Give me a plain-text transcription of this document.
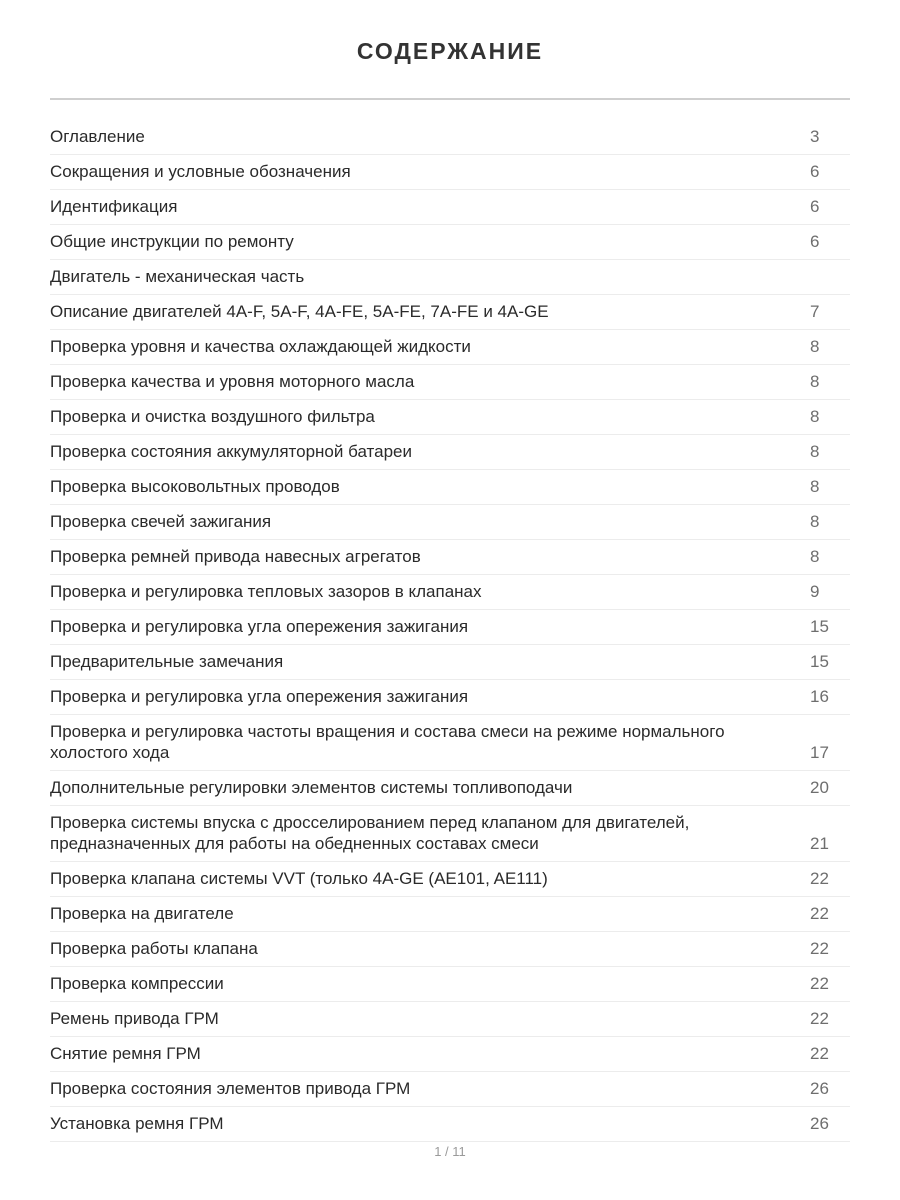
СОДЕРЖАНИЕ
Оглавление	3
Сокращения и условные обозначения	6
Идентификация	6
Общие инструкции по ремонту	6
Двигатель - механическая часть
Описание двигателей 4A-F, 5A-F, 4A-FE, 5A-FE, 7A-FE и 4A-GE	7
Проверка уровня и качества охлаждающей жидкости	8
Проверка качества и уровня моторного масла	8
Проверка и очистка воздушного фильтра	8
Проверка состояния аккумуляторной батареи	8
Проверка высоковольтных проводов	8
Проверка свечей зажигания	8
Проверка ремней привода навесных агрегатов	8
Проверка и регулировка тепловых зазоров в клапанах	9
Проверка и регулировка угла опережения зажигания	15
Предварительные замечания	15
Проверка и регулировка угла опережения зажигания	16
Проверка и регулировка частоты вращения и состава смеси на режиме нормального холостого хода	17
Дополнительные регулировки элементов системы топливоподачи	20
Проверка системы впуска с дросселированием перед клапаном для двигателей, предназначенных для работы на обедненных составах смеси	21
Проверка клапана системы VVT (только 4A-GE (AE101, AE111)	22
Проверка на двигателе	22
Проверка работы клапана	22
Проверка компрессии	22
Ремень привода ГРМ	22
Снятие ремня ГРМ	22
Проверка состояния элементов привода ГРМ	26
Установка ремня ГРМ	26
1 / 11
